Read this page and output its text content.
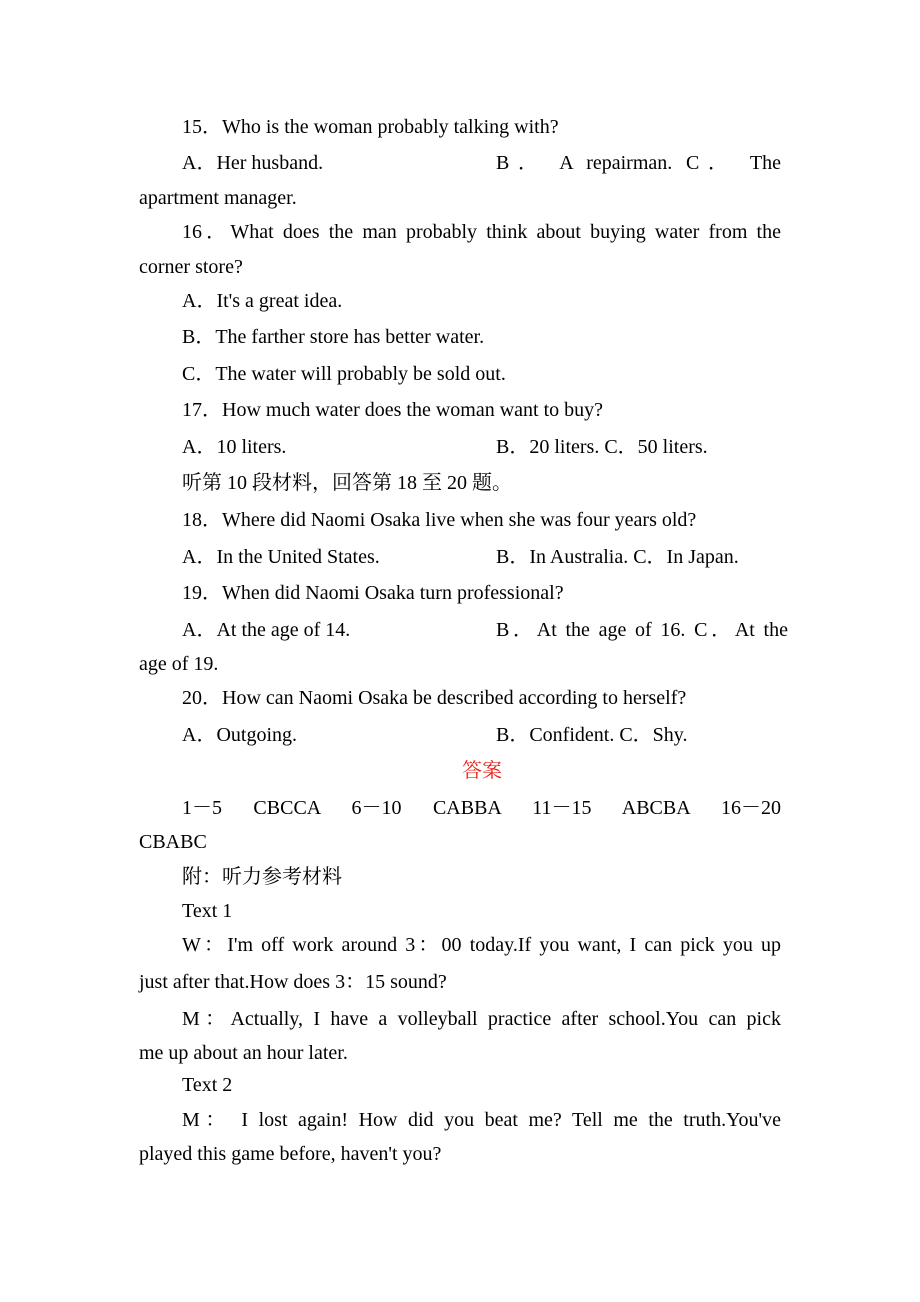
15．Who is the woman probably talking with?
A．Her husband.	B． A repairman. C． The
apartment manager.
16．What does the man probably think about buying water from the
corner store?
A．It's a great idea.
B．The farther store has better water.
C．The water will probably be sold out.
17．How much water does the woman want to buy?
A．10 liters.	B．20 liters. C．50 liters.
听第 10 段材料，回答第 18 至 20 题。
18．Where did Naomi Osaka live when she was four years old?
A．In the United States.	B．In Australia. C．In Japan.
19．When did Naomi Osaka turn professional?
A．At the age of 14.	B．At the age of 16. C．At the
age of 19.
20．How can Naomi Osaka be described according to herself?
A．Outgoing.	B．Confident. C．Shy.
答案
1－5 CBCCA 6－10 CABBA 11－15 ABCBA 16－20
CBABC
附：听力参考材料
Text 1
W：I'm off work around 3：00 today.If you want, I can pick you up
just after that.How does 3：15 sound?
M：Actually, I have a volleyball practice after school.You can pick
me up about an hour later.
Text 2
M： I lost again! How did you beat me? Tell me the truth.You've
played this game before, haven't you?
